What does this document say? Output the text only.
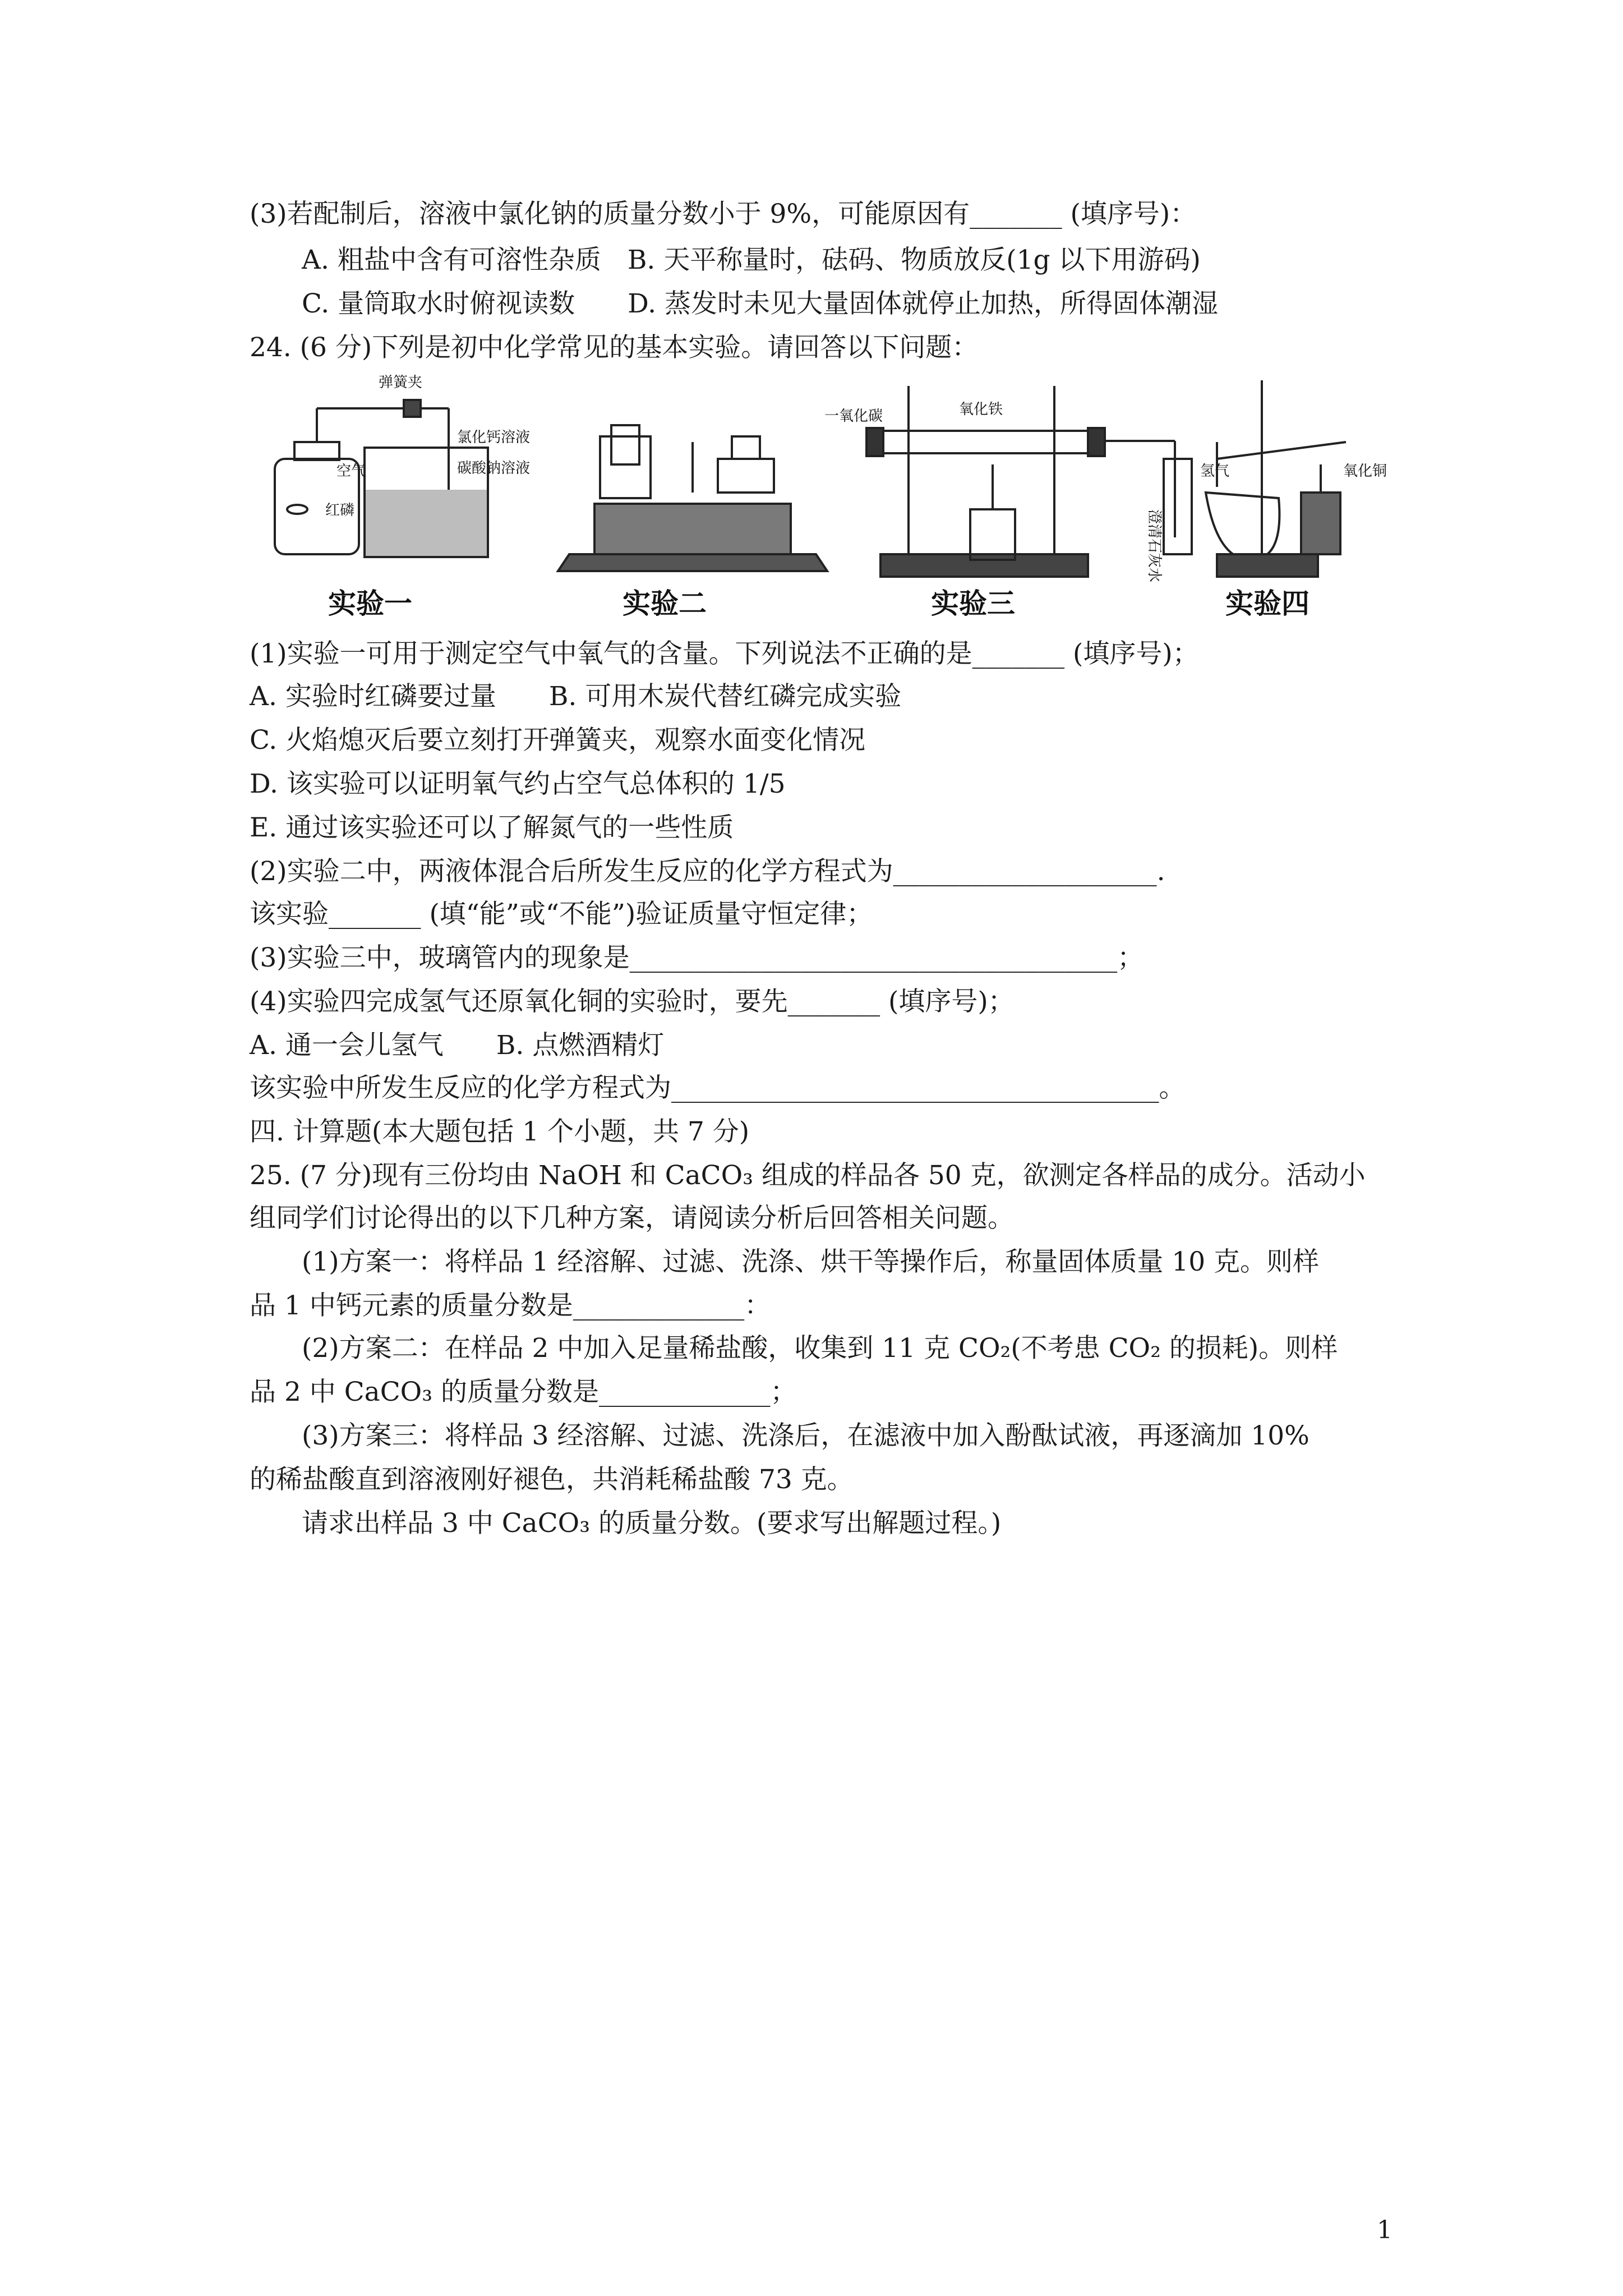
(3)若配制后，溶液中氯化钠的质量分数小于 9%，可能原因有_______ (填序号)：
A. 粗盐中含有可溶性杂质　B. 天平称量时，砝码、物质放反(1g 以下用游码)
C. 量筒取水时俯视读数　　D. 蒸发时未见大量固体就停止加热，所得固体潮湿
24. (6 分)下列是初中化学常见的基本实验。请回答以下问题：
弹簧夹
空气
红磷
实验一
氯化钙溶液
碳酸钠溶液
实验二
一氧化碳	氧化铁
澄清石灰水
实验三
氢气	氧化铜
实验四
(1)实验一可用于测定空气中氧气的含量。下列说法不正确的是_______ (填序号)；
A. 实验时红磷要过量　　B. 可用木炭代替红磷完成实验
C. 火焰熄灭后要立刻打开弹簧夹，观察水面变化情况
D. 该实验可以证明氧气约占空气总体积的 1/5
E. 通过该实验还可以了解氮气的一些性质
(2)实验二中，两液体混合后所发生反应的化学方程式为____________________.
该实验_______ (填“能”或“不能”)验证质量守恒定律；
(3)实验三中，玻璃管内的现象是_____________________________________；
(4)实验四完成氢气还原氧化铜的实验时，要先_______ (填序号)；
A. 通一会儿氢气　　B. 点燃酒精灯
该实验中所发生反应的化学方程式为_____________________________________。
四. 计算题(本大题包括 1 个小题，共 7 分)
25. (7 分)现有三份均由 NaOH 和 CaCO₃ 组成的样品各 50 克，欲测定各样品的成分。活动小
组同学们讨论得出的以下几种方案，请阅读分析后回答相关问题。
(1)方案一：将样品 1 经溶解、过滤、洗涤、烘干等操作后，称量固体质量 10 克。则样
品 1 中钙元素的质量分数是_____________：
(2)方案二：在样品 2 中加入足量稀盐酸，收集到 11 克 CO₂(不考患 CO₂ 的损耗)。则样
品 2 中 CaCO₃ 的质量分数是_____________；
(3)方案三：将样品 3 经溶解、过滤、洗涤后，在滤液中加入酚酞试液，再逐滴加 10%
的稀盐酸直到溶液刚好褪色，共消耗稀盐酸 73 克。
请求出样品 3 中 CaCO₃ 的质量分数。(要求写出解题过程。)
1
